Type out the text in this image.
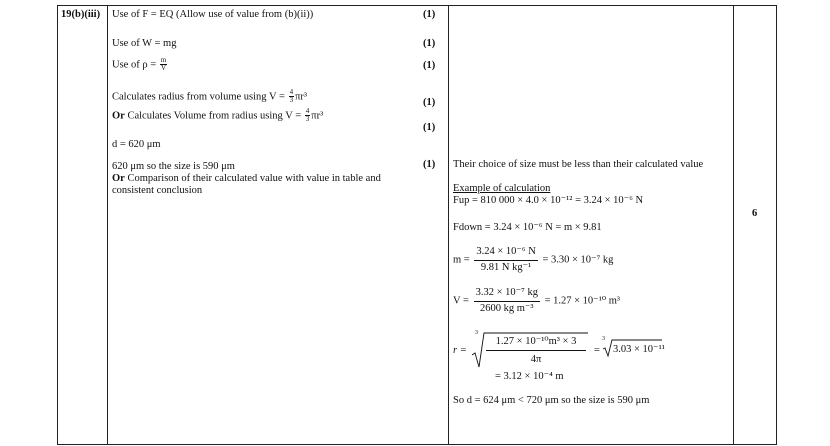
19(b)(iii) Use of F = EQ (Allow use of value from (b)(ii))
Use of W = mg
Use of $\rho = \frac{m}{V}$
Calculates radius from volume using $V = \frac{4}{3} \pi r^3$
Or Calculates Volume from radius using $V = \frac{4}{3} \pi r^3$
d = 620 μm
620 μm so the size is 590 μm
Or Comparison of their calculated value with value in table and
consistent conclusion
(1)
(1)
(1)
(1)
(1)
(1) Their choice of size must be less than their calculated value
Example of calculation
Fup = 810 000 × 4.0 × 10⁻¹² = 3.24 × 10⁻⁶ N
Fdown = 3.24 × 10⁻⁶ N = m × 9.81
$m = \frac{\text{3.24 × 10⁻⁶ N}}{\text{9.81 N kg⁻¹}} = 3.30 \times 10^{-7}$ kg
$V = \frac{\text{3.32 × 10⁻⁷ kg}}{\text{2600 kg m⁻³}} = 1.27 \times 10^{-10}$ m³
r =
3
1.27 × 10⁻¹⁰m³ × 3
4π
=
3
3.03 × 10⁻¹¹
= 3.12 × 10⁻⁴ m
So d = 624 μm < 720 μm so the size is 590 μm
6
